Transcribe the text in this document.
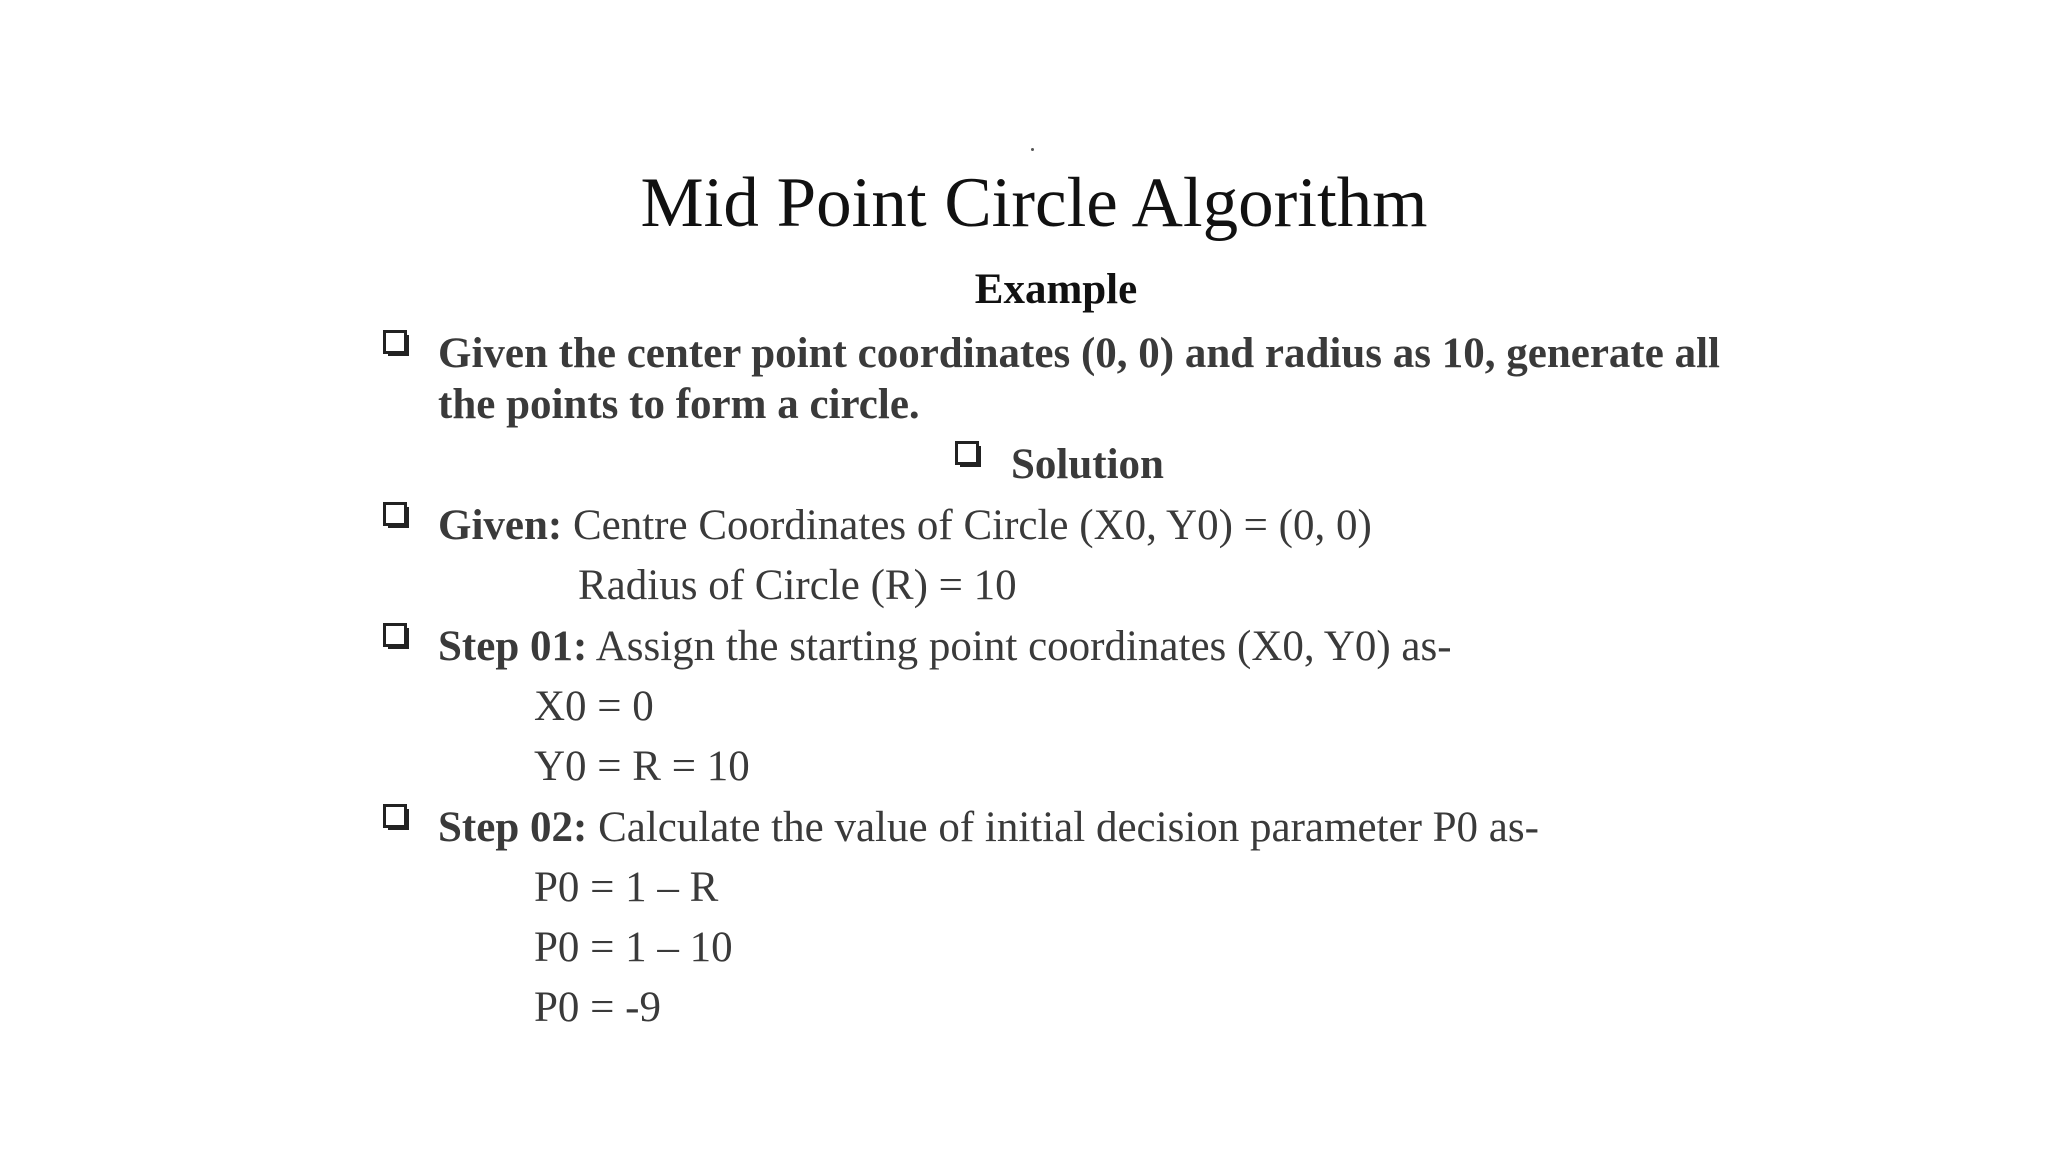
Mid Point Circle Algorithm
Example
Given the center point coordinates (0, 0) and radius as 10, generate all
the points to form a circle.
Solution
Given: Centre Coordinates of Circle (X0, Y0) = (0, 0)
Radius of Circle (R) = 10
Step 01: Assign the starting point coordinates (X0, Y0) as-
X0 = 0
Y0 = R = 10
Step 02: Calculate the value of initial decision parameter P0 as-
P0 = 1 – R
P0 = 1 – 10
P0 = -9
